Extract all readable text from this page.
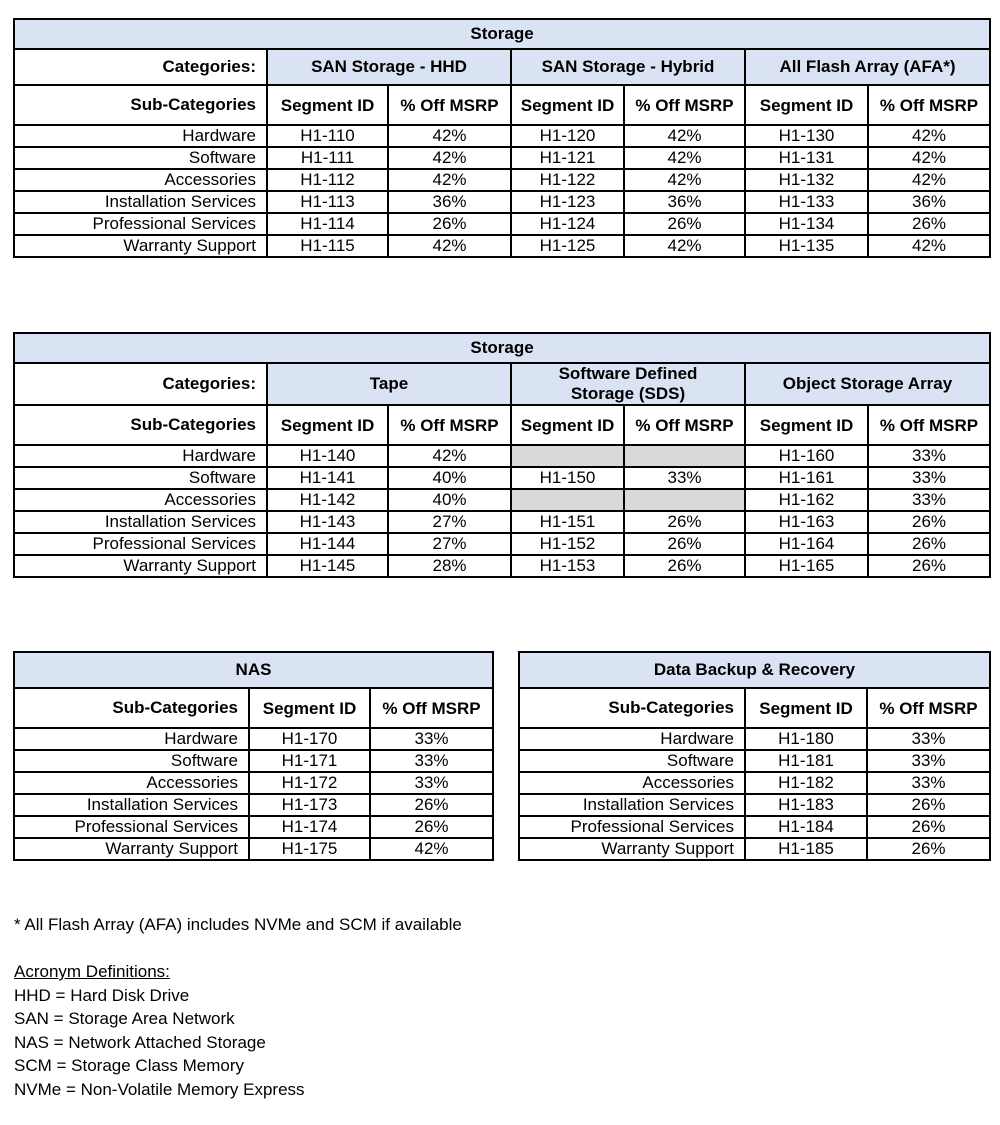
Storage						
Categories:	SAN Storage - HHD		SAN Storage - Hybrid		All Flash Array (AFA*)	
Sub-Categories	Segment ID	% Off MSRP	Segment ID	% Off MSRP	Segment ID	% Off MSRP
Hardware	H1-110	42%	H1-120	42%	H1-130	42%
Software	H1-111	42%	H1-121	42%	H1-131	42%
Accessories	H1-112	42%	H1-122	42%	H1-132	42%
Installation Services	H1-113	36%	H1-123	36%	H1-133	36%
Professional Services	H1-114	26%	H1-124	26%	H1-134	26%
Warranty Support	H1-115	42%	H1-125	42%	H1-135	42%
Storage						
Categories:	Tape		Software Defined Storage (SDS)		Object Storage Array	
Sub-Categories	Segment ID	% Off MSRP	Segment ID	% Off MSRP	Segment ID	% Off MSRP
Hardware	H1-140	42%			H1-160	33%
Software	H1-141	40%	H1-150	33%	H1-161	33%
Accessories	H1-142	40%			H1-162	33%
Installation Services	H1-143	27%	H1-151	26%	H1-163	26%
Professional Services	H1-144	27%	H1-152	26%	H1-164	26%
Warranty Support	H1-145	28%	H1-153	26%	H1-165	26%
NAS		
Sub-Categories	Segment ID	% Off MSRP
Hardware	H1-170	33%
Software	H1-171	33%
Accessories	H1-172	33%
Installation Services	H1-173	26%
Professional Services	H1-174	26%
Warranty Support	H1-175	42%
Data Backup & Recovery		
Sub-Categories	Segment ID	% Off MSRP
Hardware	H1-180	33%
Software	H1-181	33%
Accessories	H1-182	33%
Installation Services	H1-183	26%
Professional Services	H1-184	26%
Warranty Support	H1-185	26%
* All Flash Array (AFA) includes NVMe and SCM if available
Acronym Definitions:
HHD = Hard Disk Drive
SAN = Storage Area Network
NAS = Network Attached Storage
SCM = Storage Class Memory
NVMe = Non-Volatile Memory Express
